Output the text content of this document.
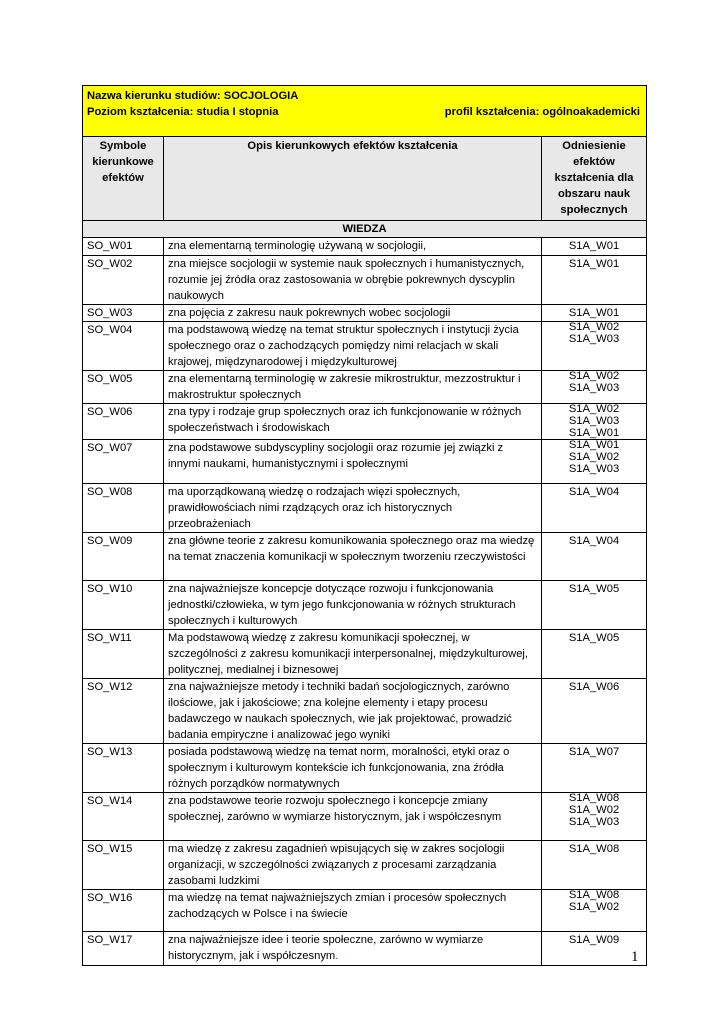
Nazwa kierunku studiów: SOCJOLOGIA
Poziom kształcenia: studia I stopnia profil kształcenia: ogólnoakademicki		

Symbole kierunkowe efektów	Opis kierunkowych efektów kształcenia	Odniesienie efektów kształcenia dla obszaru nauk społecznych
WIEDZA		
SO_W01	zna elementarną terminologię używaną w socjologii,	S1A_W01

SO_W02	zna miejsce socjologii w systemie nauk społecznych i humanistycznych, rozumie jej źródła oraz zastosowania w obrębie pokrewnych dyscyplin naukowych	S1A_W01

SO_W03	zna pojęcia z zakresu nauk pokrewnych wobec socjologii	S1A_W01

SO_W04	ma podstawową wiedzę na temat struktur społecznych i instytucji życia społecznego oraz o zachodzących pomiędzy nimi relacjach w skali krajowej, międzynarodowej i międzykulturowej	S1A_W02
S1A_W03

SO_W05	zna elementarną terminologię w zakresie mikrostruktur, mezzostruktur i makrostruktur społecznych	S1A_W02
S1A_W03

SO_W06	zna typy i rodzaje grup społecznych oraz ich funkcjonowanie w różnych społeczeństwach i środowiskach	S1A_W02
S1A_W03
S1A_W01

SO_W07	zna podstawowe subdyscypliny socjologii oraz rozumie jej związki z innymi naukami, humanistycznymi i społecznymi	S1A_W01
S1A_W02
S1A_W03

SO_W08	ma uporządkowaną wiedzę o rodzajach więzi społecznych, prawidłowościach nimi rządzących oraz ich historycznych przeobrażeniach	S1A_W04

SO_W09	zna główne teorie z zakresu komunikowania społecznego oraz ma wiedzę na temat znaczenia komunikacji w społecznym tworzeniu rzeczywistości	S1A_W04

SO_W10	zna najważniejsze koncepcje dotyczące rozwoju i funkcjonowania jednostki/człowieka, w tym jego funkcjonowania w różnych strukturach społecznych i kulturowych	S1A_W05

SO_W11	Ma podstawową wiedzę z zakresu komunikacji społecznej, w szczególności z zakresu komunikacji interpersonalnej, międzykulturowej, politycznej, medialnej i biznesowej	S1A_W05

SO_W12	zna najważniejsze metody i techniki badań socjologicznych, zarówno ilościowe, jak i jakościowe; zna kolejne elementy i etapy procesu badawczego w naukach społecznych, wie jak projektować, prowadzić badania empiryczne i analizować jego wyniki	S1A_W06

SO_W13	posiada podstawową wiedzę na temat norm, moralności, etyki oraz o społecznym i kulturowym kontekście ich funkcjonowania, zna źródła różnych porządków normatywnych	S1A_W07

SO_W14	zna podstawowe teorie rozwoju społecznego i koncepcje zmiany społecznej, zarówno w wymiarze historycznym, jak i współczesnym	S1A_W08
S1A_W02
S1A_W03

SO_W15	ma wiedzę z zakresu zagadnień wpisujących się w zakres socjologii organizacji, w szczególności związanych z procesami zarządzania zasobami ludzkimi	S1A_W08

SO_W16	ma wiedzę na temat najważniejszych zmian i procesów społecznych zachodzących w Polsce i na świecie	S1A_W08
S1A_W02

SO_W17	zna najważniejsze idee i teorie społeczne, zarówno w wymiarze historycznym, jak i współczesnym.	S1A_W09
1
